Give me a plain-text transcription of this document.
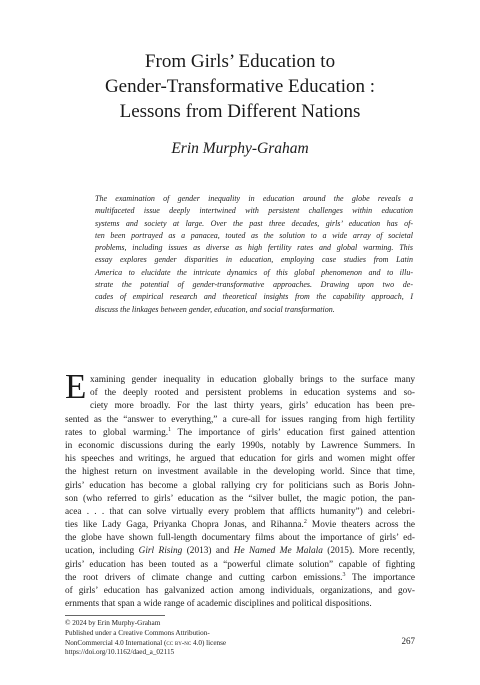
From Girls’ Education to
Gender-Transformative Education :
Lessons from Different Nations
Erin Murphy-Graham
The examination of gender inequality in education around the globe reveals a
multifaceted issue deeply intertwined with persistent challenges within education
systems and society at large. Over the past three decades, girls’ education has of-
ten been portrayed as a panacea, touted as the solution to a wide array of societal
problems, including issues as diverse as high fertility rates and global warming. This
essay explores gender disparities in education, employing case studies from Latin
America to elucidate the intricate dynamics of this global phenomenon and to illu-
strate the potential of gender-transformative approaches. Drawing upon two de-
cades of empirical research and theoretical insights from the capability approach, I
discuss the linkages between gender, education, and social transformation.
E xamining gender inequality in education globally brings to the surface many
of the deeply rooted and persistent problems in education systems and so-
ciety more broadly. For the last thirty years, girls’ education has been pre-
sented as the “answer to everything,” a cure-all for issues ranging from high fertility
rates to global warming.$^1$ The importance of girls’ education first gained attention
in economic discussions during the early 1990s, notably by Lawrence Summers. In
his speeches and writings, he argued that education for girls and women might offer
the highest return on investment available in the developing world. Since that time,
girls’ education has become a global rallying cry for politicians such as Boris John-
son (who referred to girls’ education as the “silver bullet, the magic potion, the pan-
acea . . . that can solve virtually every problem that afflicts humanity”) and celebri-
ties like Lady Gaga, Priyanka Chopra Jonas, and Rihanna.$^2$ Movie theaters across the
the globe have shown full-length documentary films about the importance of girls’ ed-
ucation, including Girl Rising (2013) and He Named Me Malala (2015). More recently,
girls’ education has been touted as a “powerful climate solution” capable of fighting
the root drivers of climate change and cutting carbon emissions.$^3$ The importance
of girls’ education has galvanized action among individuals, organizations, and gov-
ernments that span a wide range of academic disciplines and political dispositions.
© 2024 by Erin Murphy-Graham
Published under a Creative Commons Attribution-
NonCommercial 4.0 International (cc by-nc 4.0) license
https://doi.org/10.1162/daed_a_02115
267
